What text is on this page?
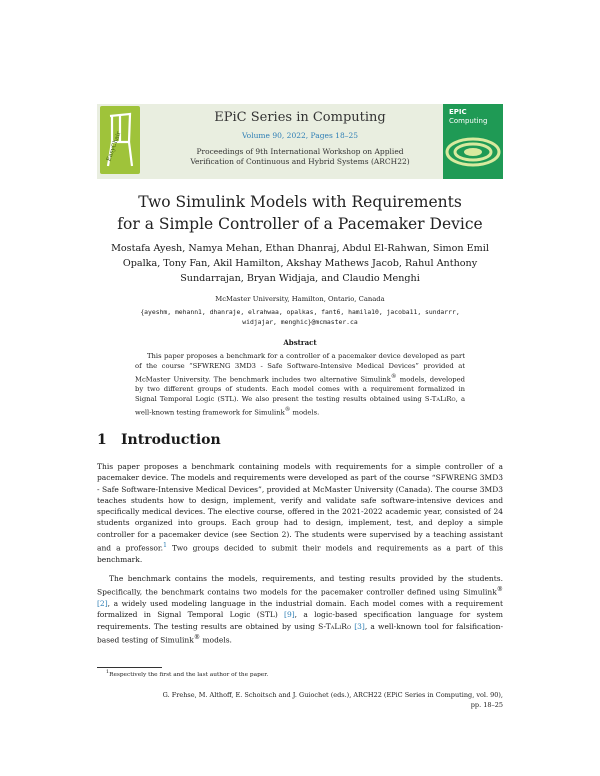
EasyChair
EPiC Series in Computing
Volume 90, 2022, Pages 18–25
Proceedings of 9th International Workshop on Applied
Verification of Continuous and Hybrid Systems (ARCH22)
EPIC
Computing
Two Simulink Models with Requirements
for a Simple Controller of a Pacemaker Device
Mostafa Ayesh, Namya Mehan, Ethan Dhanraj, Abdul El-Rahwan, Simon Emil
Opalka, Tony Fan, Akil Hamilton, Akshay Mathews Jacob, Rahul Anthony
Sundarrajan, Bryan Widjaja, and Claudio Menghi
McMaster University, Hamilton, Ontario, Canada
{ayeshm, mehann1, dhanraje, elrahwaa, opalkas, fant6, hamila10, jacoba11, sundarrr,
widjajar, menghic}@mcmaster.ca
Abstract
This paper proposes a benchmark for a controller of a pacemaker device developed as part of the course “SFWRENG 3MD3 - Safe Software-Intensive Medical Devices” provided at McMaster University. The benchmark includes two alternative Simulink® models, developed by two different groups of students. Each model comes with a requirement formalized in Signal Temporal Logic (STL). We also present the testing results obtained using S-TaLiRo, a well-known testing framework for Simulink® models.
1 Introduction
This paper proposes a benchmark containing models with requirements for a simple controller of a pacemaker device. The models and requirements were developed as part of the course “SFWRENG 3MD3 - Safe Software-Intensive Medical Devices”, provided at McMaster University (Canada). The course 3MD3 teaches students how to design, implement, verify and validate safe software-intensive devices and specifically medical devices. The elective course, offered in the 2021-2022 academic year, consisted of 24 students organized into groups. Each group had to design, implement, test, and deploy a simple controller for a pacemaker device (see Section 2). The students were supervised by a teaching assistant and a professor.$^1$ Two groups decided to submit their models and requirements as a part of this benchmark.
The benchmark contains the models, requirements, and testing results provided by the students. Specifically, the benchmark contains two models for the pacemaker controller defined using Simulink® [2], a widely used modeling language in the industrial domain. Each model comes with a requirement formalized in Signal Temporal Logic (STL) [9], a logic-based specification language for system requirements. The testing results are obtained by using S-TaLiRo [3], a well-known tool for falsification-based testing of Simulink® models.
$^1$Respectively the first and the last author of the paper.
G. Frehse, M. Althoff, E. Schoitsch and J. Guiochet (eds.), ARCH22 (EPiC Series in Computing, vol. 90),
pp. 18–25
